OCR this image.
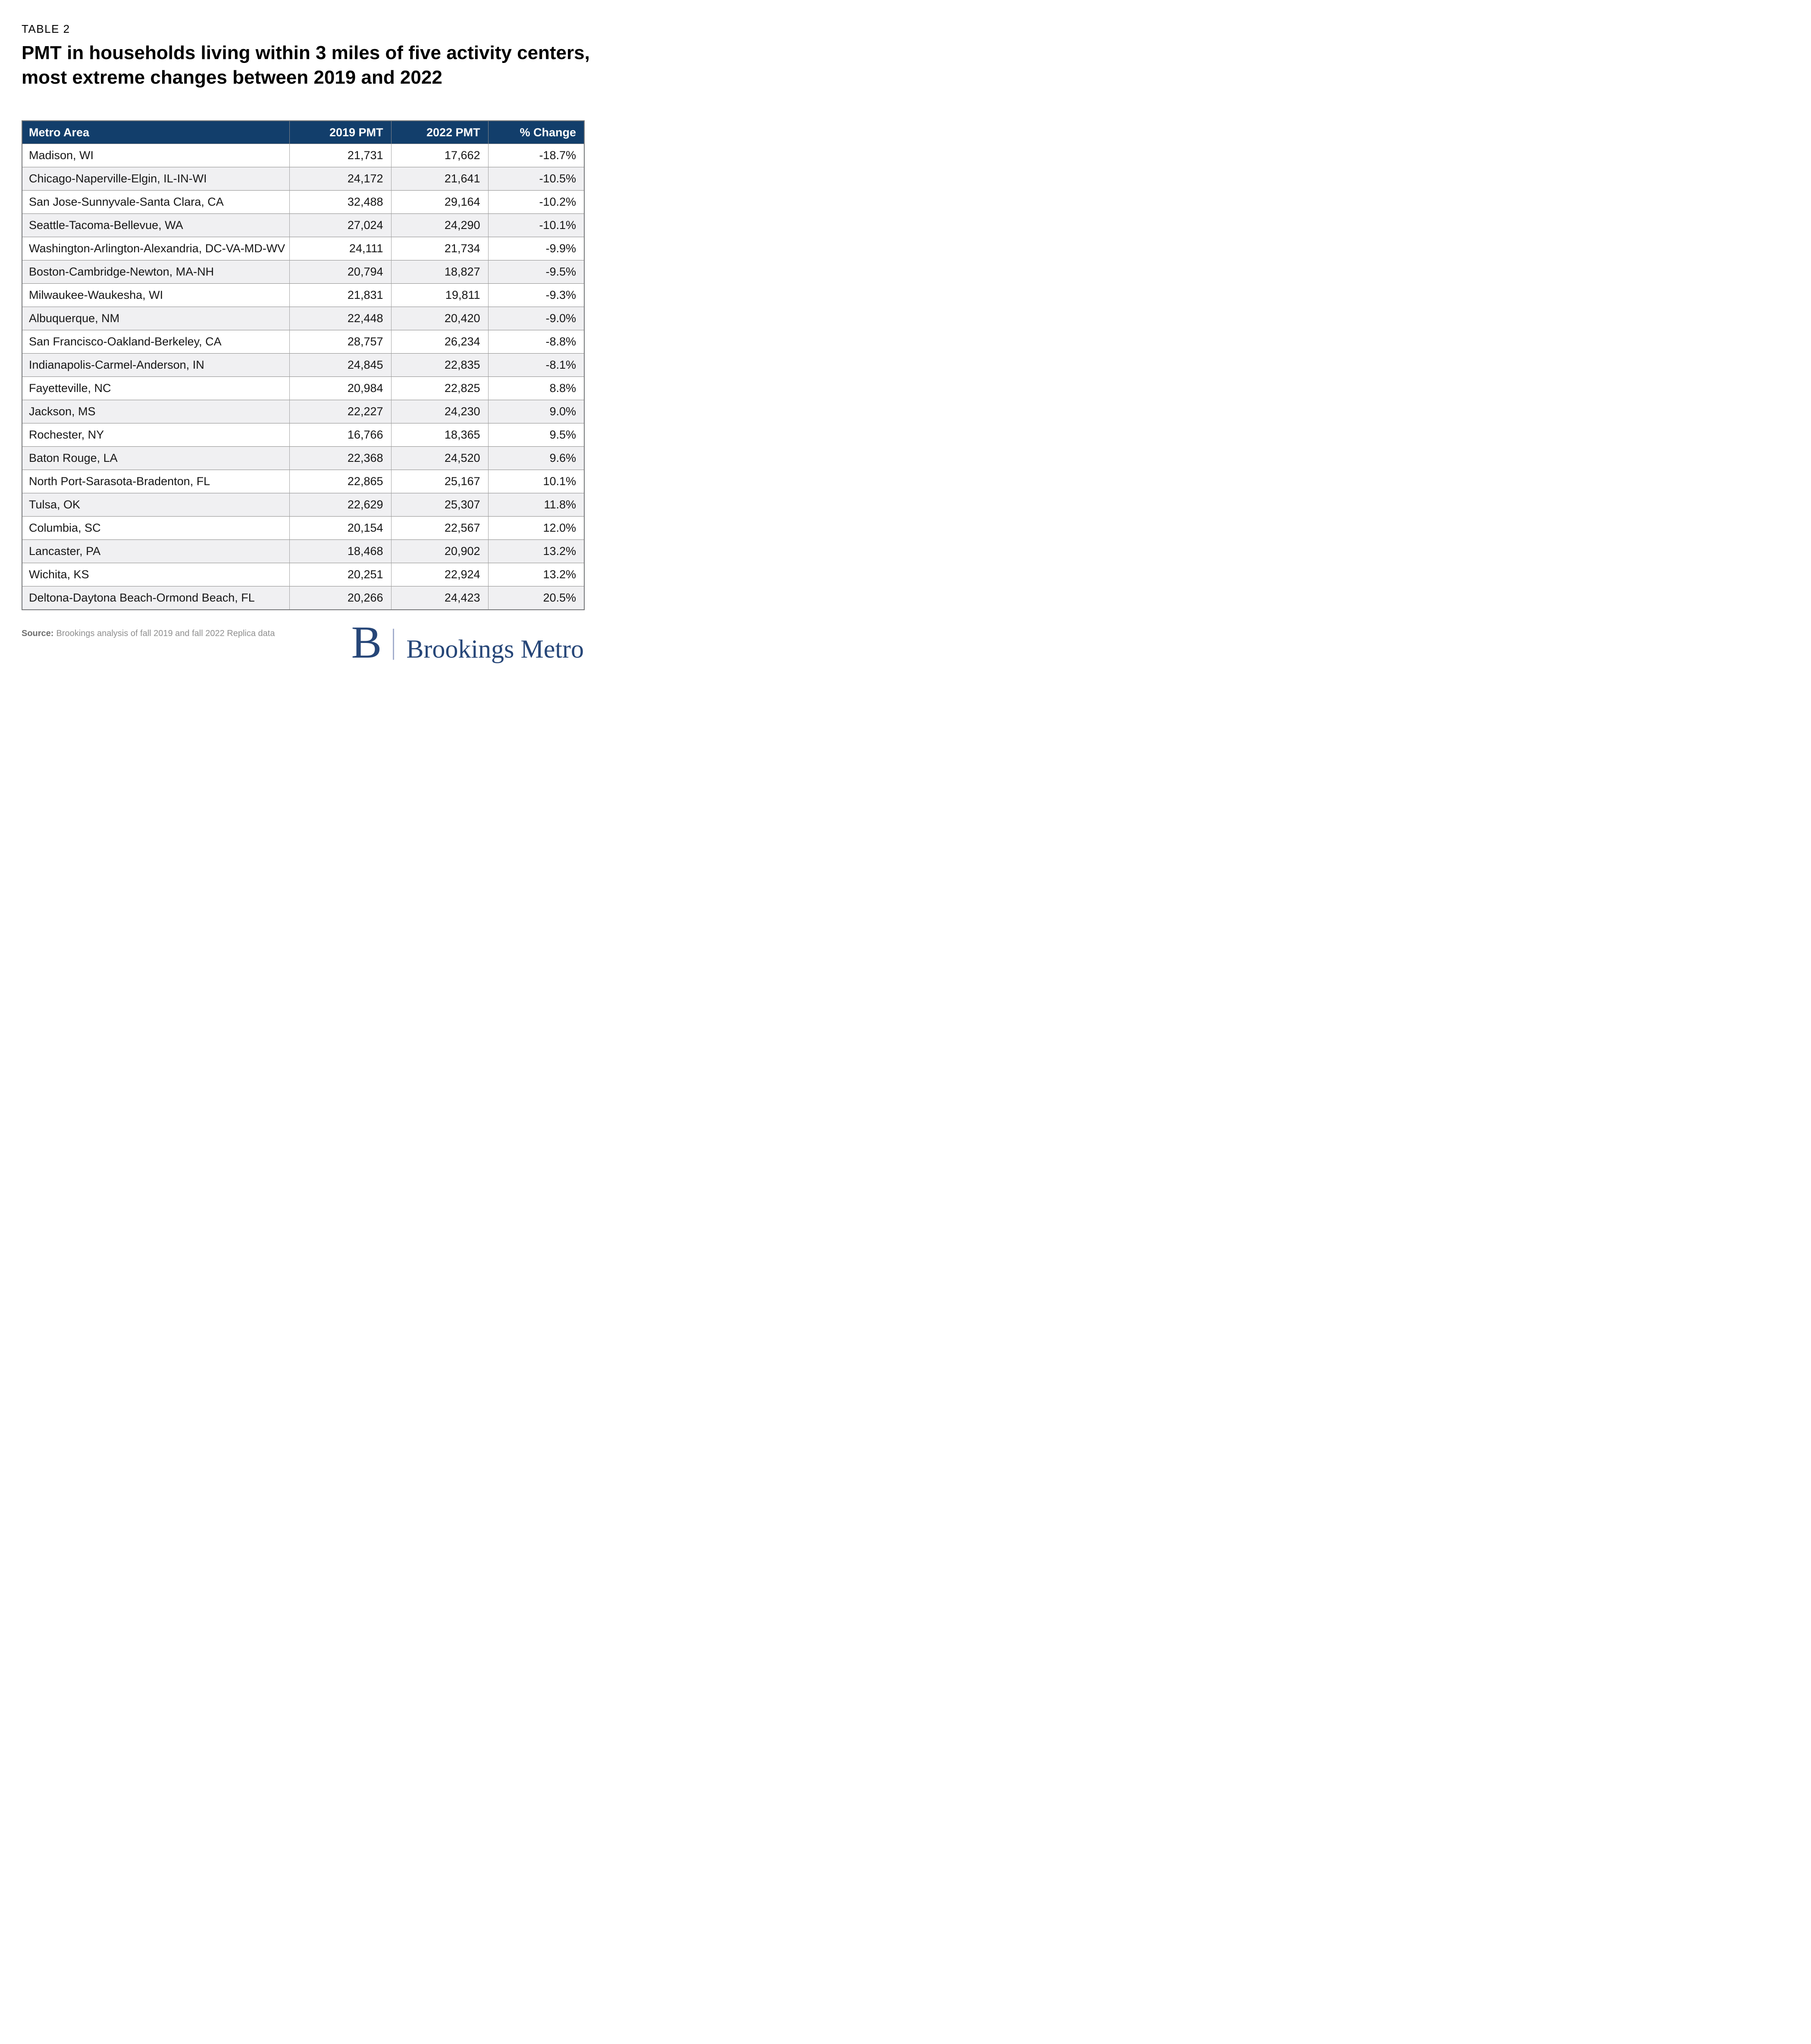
TABLE 2
PMT in households living within 3 miles of five activity centers,
most extreme changes between 2019 and 2022
Metro Area	2019 PMT	2022 PMT	% Change
Madison, WI	21,731	17,662	-18.7%
Chicago-Naperville-Elgin, IL-IN-WI	24,172	21,641	-10.5%
San Jose-Sunnyvale-Santa Clara, CA	32,488	29,164	-10.2%
Seattle-Tacoma-Bellevue, WA	27,024	24,290	-10.1%
Washington-Arlington-Alexandria, DC-VA-MD-WV	24,111	21,734	-9.9%
Boston-Cambridge-Newton, MA-NH	20,794	18,827	-9.5%
Milwaukee-Waukesha, WI	21,831	19,811	-9.3%
Albuquerque, NM	22,448	20,420	-9.0%
San Francisco-Oakland-Berkeley, CA	28,757	26,234	-8.8%
Indianapolis-Carmel-Anderson, IN	24,845	22,835	-8.1%
Fayetteville, NC	20,984	22,825	8.8%
Jackson, MS	22,227	24,230	9.0%
Rochester, NY	16,766	18,365	9.5%
Baton Rouge, LA	22,368	24,520	9.6%
North Port-Sarasota-Bradenton, FL	22,865	25,167	10.1%
Tulsa, OK	22,629	25,307	11.8%
Columbia, SC	20,154	22,567	12.0%
Lancaster, PA	18,468	20,902	13.2%
Wichita, KS	20,251	22,924	13.2%
Deltona-Daytona Beach-Ormond Beach, FL	20,266	24,423	20.5%
Source: Brookings analysis of fall 2019 and fall 2022 Replica data B Brookings Metro
